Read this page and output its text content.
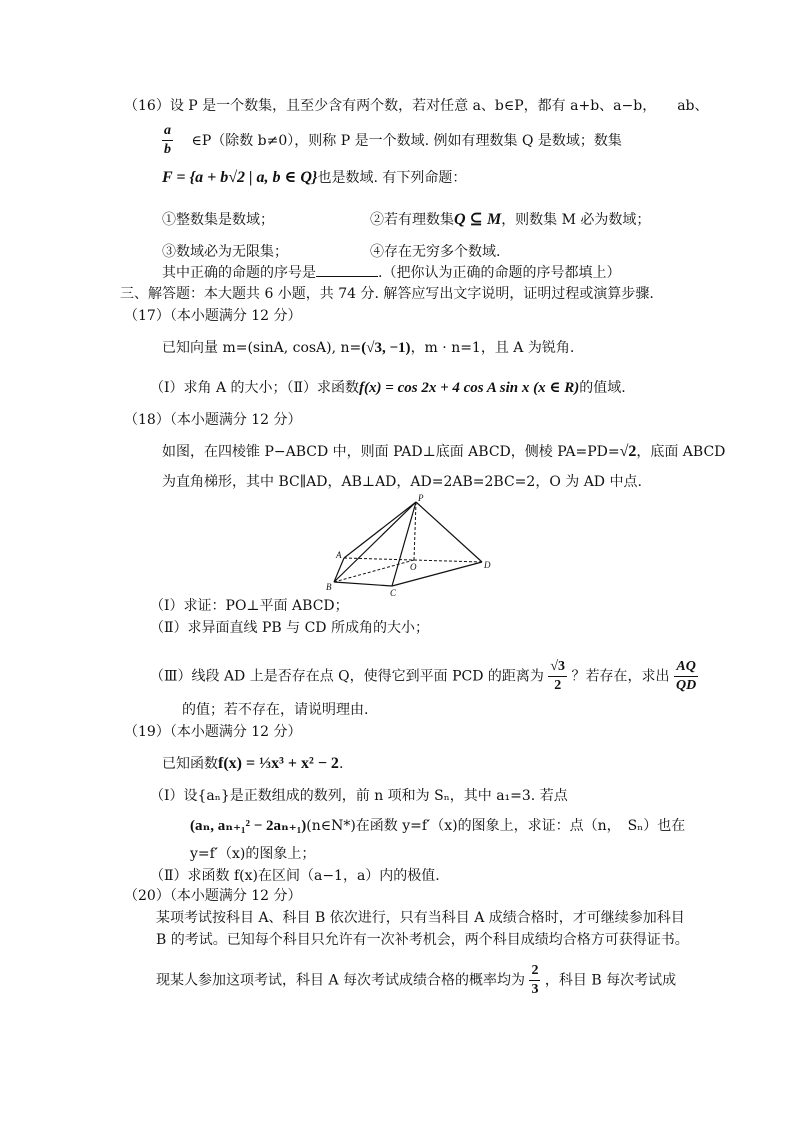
（16）设 P 是一个数集，且至少含有两个数，若对任意 a、b∈P，都有 a+b、a−b，　　ab、
$\frac{a}{b}$ ∈P（除数 b≠0），则称 P 是一个数域. 例如有理数集 Q 是数域；数集
F = {a + b√2 | a, b ∈ Q}也是数域. 有下列命题：
①整数集是数域；	②若有理数集Q ⊆ M，则数集 M 必为数域；
③数域必为无限集；	④存在无穷多个数域.
其中正确的命题的序号是	.（把你认为正确的命题的序号都填上）
三、解答题：本大题共 6 小题，共 74 分. 解答应写出文字说明，证明过程或演算步骤.
（17）（本小题满分 12 分）
已知向量 m=(sinA, cosA), n=(√3, −1)，m · n=1，且 A 为锐角.
（Ⅰ）求角 A 的大小；（Ⅱ）求函数f(x) = cos 2x + 4 cos A sin x (x ∈ R)的值域.
（18）（本小题满分 12 分）
如图，在四棱锥 P−ABCD 中，则面 PAD⊥底面 ABCD，侧棱 PA=PD=√2，底面 ABCD
为直角梯形，其中 BC∥AD，AB⊥AD，AD=2AB=2BC=2，O 为 AD 中点.
P
A
B
C
D
O
（Ⅰ）求证：PO⊥平面 ABCD；
（Ⅱ）求异面直线 PB 与 CD 所成角的大小；
（Ⅲ）线段 AD 上是否存在点 Q，使得它到平面 PCD 的距离为 $\frac{√3}{2}$ ？若存在，求出 $\frac{AQ}{QD}$
的值；若不存在，请说明理由.
（19）（本小题满分 12 分）
已知函数f(x) = ⅓x³ + x² − 2.
（Ⅰ）设{aₙ}是正数组成的数列，前 n 项和为 Sₙ，其中 a₁=3. 若点
(aₙ, aₙ₊₁² − 2aₙ₊₁)(n∈N*)在函数 y=f′（x)的图象上，求证：点（n，　Sₙ）也在
y=f′（x)的图象上；
（Ⅱ）求函数 f(x)在区间（a−1，a）内的极值.
（20）（本小题满分 12 分）
某项考试按科目 A、科目 B 依次进行，只有当科目 A 成绩合格时，才可继续参加科目
B 的考试。已知每个科目只允许有一次补考机会，两个科目成绩均合格方可获得证书。
现某人参加这项考试，科目 A 每次考试成绩合格的概率均为 $\frac{2}{3}$ ，科目 B 每次考试成
